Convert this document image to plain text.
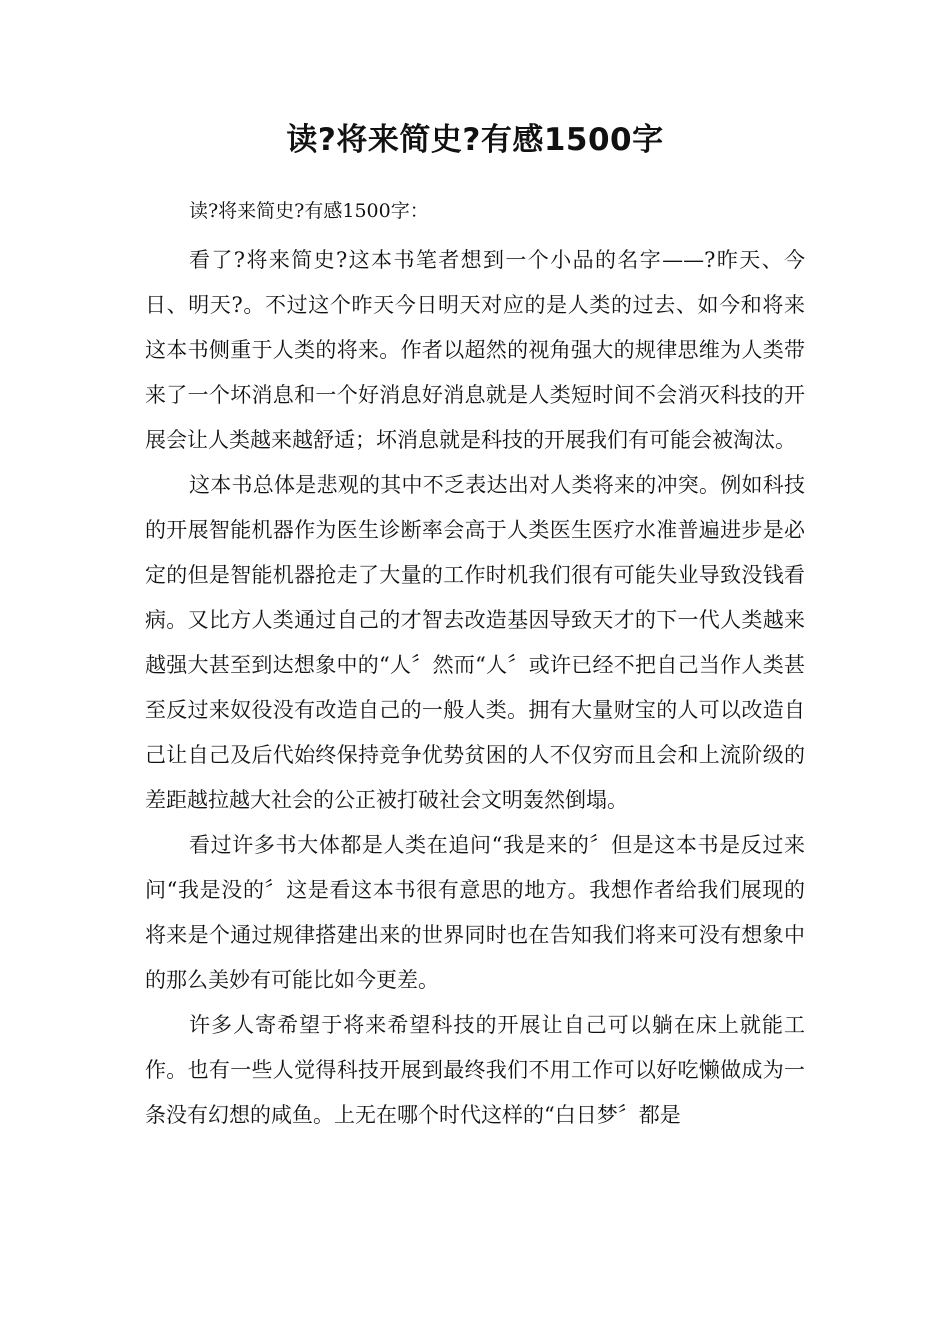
读?将来简史?有感1500字

读?将来简史?有感1500字：

看了?将来简史?这本书笔者想到一个小品的名字——?昨天、今日、明天?。不过这个昨天今日明天对应的是人类的过去、如今和将来这本书侧重于人类的将来。作者以超然的视角强大的规律思维为人类带来了一个坏消息和一个好消息好消息就是人类短时间不会消灭科技的开展会让人类越来越舒适；坏消息就是科技的开展我们有可能会被淘汰。

这本书总体是悲观的其中不乏表达出对人类将来的冲突。例如科技的开展智能机器作为医生诊断率会高于人类医生医疗水准普遍进步是必定的但是智能机器抢走了大量的工作时机我们很有可能失业导致没钱看病。又比方人类通过自己的才智去改造基因导致天才的下一代人类越来越强大甚至到达想象中的“人〞然而“人〞或许已经不把自己当作人类甚至反过来奴役没有改造自己的一般人类。拥有大量财宝的人可以改造自己让自己及后代始终保持竞争优势贫困的人不仅穷而且会和上流阶级的差距越拉越大社会的公正被打破社会文明轰然倒塌。

看过许多书大体都是人类在追问“我是来的〞但是这本书是反过来问“我是没的〞这是看这本书很有意思的地方。我想作者给我们展现的将来是个通过规律搭建出来的世界同时也在告知我们将来可没有想象中的那么美妙有可能比如今更差。

许多人寄希望于将来希望科技的开展让自己可以躺在床上就能工作。也有一些人觉得科技开展到最终我们不用工作可以好吃懒做成为一条没有幻想的咸鱼。上无在哪个时代这样的“白日梦〞都是
